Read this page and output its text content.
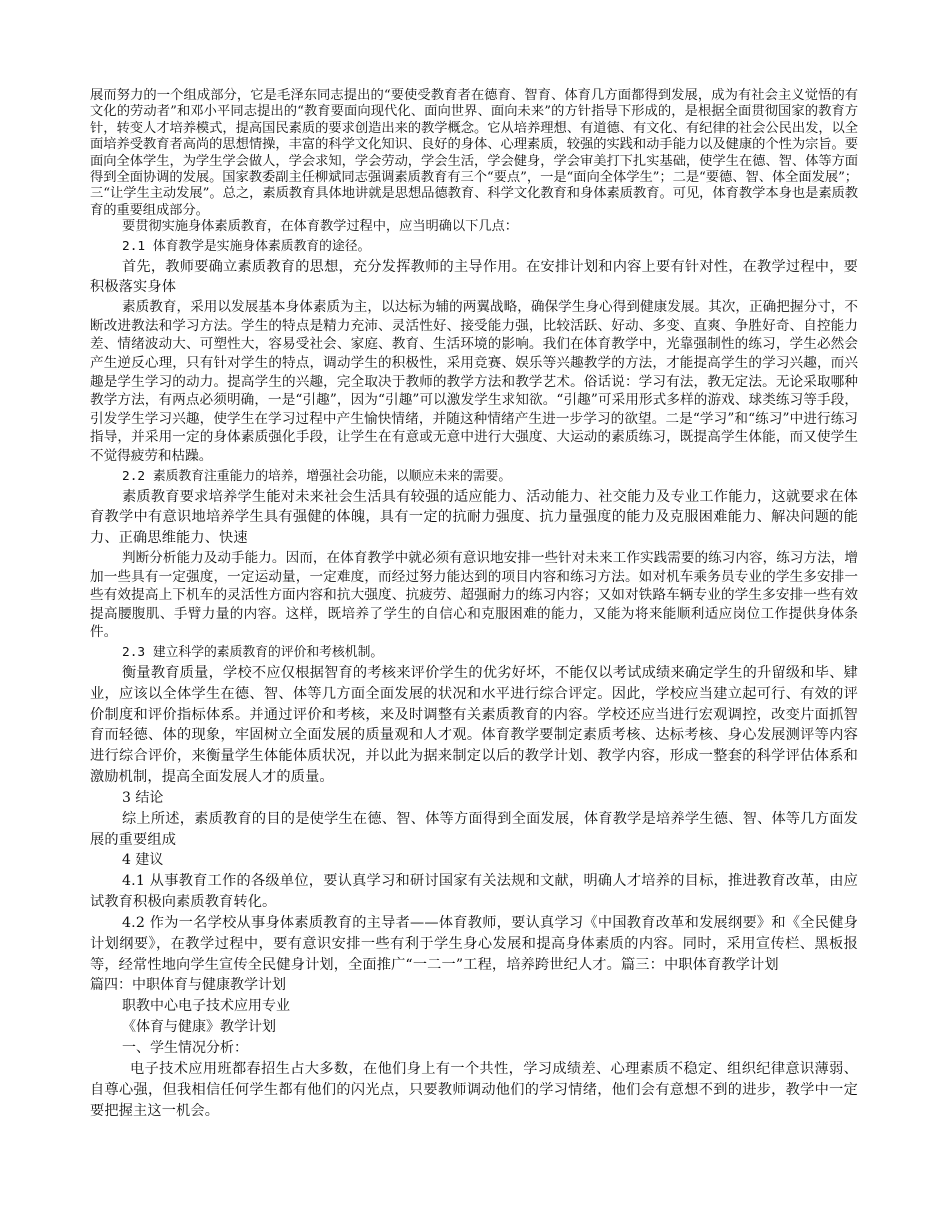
展而努力的一个组成部分，它是毛泽东同志提出的“要使受教育者在德育、智育、体育几方面都得到发展，成为有社会主义觉悟的有文化的劳动者”和邓小平同志提出的“教育要面向现代化、面向世界、面向未来”的方针指导下形成的，是根据全面贯彻国家的教育方针，转变人才培养模式，提高国民素质的要求创造出来的教学概念。它从培养理想、有道德、有文化、有纪律的社会公民出发，以全面培养受教育者高尚的思想情操，丰富的科学文化知识、良好的身体、心理素质，较强的实践和动手能力以及健康的个性为宗旨。要面向全体学生，为学生学会做人，学会求知，学会劳动，学会生活，学会健身，学会审美打下扎实基础，使学生在德、智、体等方面得到全面协调的发展。国家教委副主任柳斌同志强调素质教育有三个“要点”，一是“面向全体学生”；二是“要德、智、体全面发展”；三“让学生主动发展”。总之，素质教育具体地讲就是思想品德教育、科学文化教育和身体素质教育。可见，体育教学本身也是素质教育的重要组成部分。

要贯彻实施身体素质教育，在体育教学过程中，应当明确以下几点：

2.1 体育教学是实施身体素质教育的途径。

首先，教师要确立素质教育的思想，充分发挥教师的主导作用。在安排计划和内容上要有针对性，在教学过程中，要积极落实身体

素质教育，采用以发展基本身体素质为主，以达标为辅的两翼战略，确保学生身心得到健康发展。其次，正确把握分寸，不断改进教法和学习方法。学生的特点是精力充沛、灵活性好、接受能力强，比较活跃、好动、多变、直爽、争胜好奇、自控能力差、情绪波动大、可塑性大，容易受社会、家庭、教育、生活环境的影响。我们在体育教学中，光靠强制性的练习，学生必然会产生逆反心理，只有针对学生的特点，调动学生的积极性，采用竞赛、娱乐等兴趣教学的方法，才能提高学生的学习兴趣，而兴趣是学生学习的动力。提高学生的兴趣，完全取决于教师的教学方法和教学艺术。俗话说：学习有法，教无定法。无论采取哪种教学方法，有两点必须明确，一是“引趣”，因为“引趣”可以激发学生求知欲。“引趣”可采用形式多样的游戏、球类练习等手段，引发学生学习兴趣，使学生在学习过程中产生愉快情绪，并随这种情绪产生进一步学习的欲望。二是“学习”和“练习”中进行练习指导，并采用一定的身体素质强化手段，让学生在有意或无意中进行大强度、大运动的素质练习，既提高学生体能，而又使学生不觉得疲劳和枯躁。

2.2 素质教育注重能力的培养，增强社会功能，以顺应未来的需要。

素质教育要求培养学生能对未来社会生活具有较强的适应能力、活动能力、社交能力及专业工作能力，这就要求在体育教学中有意识地培养学生具有强健的体魄，具有一定的抗耐力强度、抗力量强度的能力及克服困难能力、解决问题的能力、正确思维能力、快速

判断分析能力及动手能力。因而，在体育教学中就必须有意识地安排一些针对未来工作实践需要的练习内容，练习方法，增加一些具有一定强度，一定运动量，一定难度，而经过努力能达到的项目内容和练习方法。如对机车乘务员专业的学生多安排一些有效提高上下机车的灵活性方面内容和抗大强度、抗疲劳、超强耐力的练习内容；又如对铁路车辆专业的学生多安排一些有效提高腰腹肌、手臂力量的内容。这样，既培养了学生的自信心和克服困难的能力，又能为将来能顺利适应岗位工作提供身体条件。

2.3 建立科学的素质教育的评价和考核机制。

衡量教育质量，学校不应仅根据智育的考核来评价学生的优劣好坏，不能仅以考试成绩来确定学生的升留级和毕、肄业，应该以全体学生在德、智、体等几方面全面发展的状况和水平进行综合评定。因此，学校应当建立起可行、有效的评价制度和评价指标体系。并通过评价和考核，来及时调整有关素质教育的内容。学校还应当进行宏观调控，改变片面抓智育而轻德、体的现象，牢固树立全面发展的质量观和人才观。体育教学要制定素质考核、达标考核、身心发展测评等内容进行综合评价，来衡量学生体能体质状况，并以此为据来制定以后的教学计划、教学内容，形成一整套的科学评估体系和激励机制，提高全面发展人才的质量。

3 结论

综上所述，素质教育的目的是使学生在德、智、体等方面得到全面发展，体育教学是培养学生德、智、体等几方面发展的重要组成

4 建议

4.1 从事教育工作的各级单位，要认真学习和研讨国家有关法规和文献，明确人才培养的目标，推进教育改革，由应试教育积极向素质教育转化。

4.2 作为一名学校从事身体素质教育的主导者——体育教师，要认真学习《中国教育改革和发展纲要》和《全民健身计划纲要》，在教学过程中，要有意识安排一些有利于学生身心发展和提高身体素质的内容。同时，采用宣传栏、黑板报等，经常性地向学生宣传全民健身计划，全面推广“一二一”工程，培养跨世纪人才。篇三：中职体育教学计划

篇四：中职体育与健康教学计划

职教中心电子技术应用专业

《体育与健康》教学计划

一、学生情况分析：

电子技术应用班都春招生占大多数，在他们身上有一个共性，学习成绩差、心理素质不稳定、组织纪律意识薄弱、自尊心强，但我相信任何学生都有他们的闪光点，只要教师调动他们的学习情绪，他们会有意想不到的进步，教学中一定要把握主这一机会。
